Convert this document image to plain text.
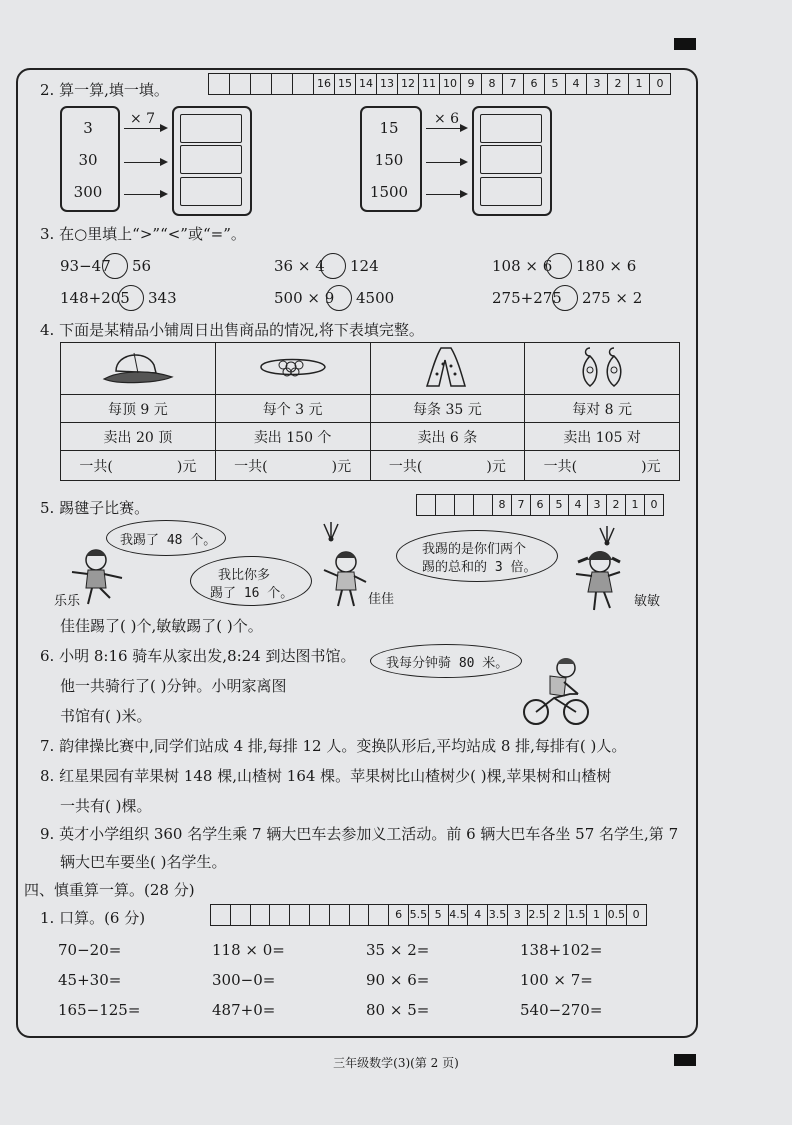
2. 算一算,填一填。	16 15 14 13 12 11 10 9	8	7	6	5	4	3	2	1	0
3
30
300
× 7	15
150
1500
× 6
3. 在○里填上“>”“<”或“=”。
93−47 56	36 × 4 124	108 × 6 180 × 6
148+205 343	500 × 9 4500	275+275 275 × 2
4. 下面是某精品小铺周日出售商品的情况,将下表填完整。

每顶 9 元	每个 3 元	每条 35 元	每对 8 元
卖出 20 顶	卖出 150 个	卖出 6 条	卖出 105 对
一共( )元	一共( )元	一共( )元	一共( )元
5. 踢毽子比赛。	8	7	6	5	4	3	2	1	0
我踢了 48 个。
我比你多
踢了 16 个。
我踢的是你们两个
踢的总和的 3 倍。
乐乐	佳佳	敏敏
佳佳踢了( )个,敏敏踢了( )个。
6. 小明 8:16 骑车从家出发,8:24 到达图书馆。
他一共骑行了( )分钟。小明家离图
书馆有( )米。
我每分钟骑 80 米。
7. 韵律操比赛中,同学们站成 4 排,每排 12 人。变换队形后,平均站成 8 排,每排有( )人。
8. 红星果园有苹果树 148 棵,山楂树 164 棵。苹果树比山楂树少( )棵,苹果树和山楂树
一共有( )棵。
9. 英才小学组织 360 名学生乘 7 辆大巴车去参加义工活动。前 6 辆大巴车各坐 57 名学生,第 7
辆大巴车要坐( )名学生。
四、慎重算一算。(28 分)
1. 口算。(6 分)	6 5.5 5 4.5 4 3.5 3 2.5 2 1.5 1 0.5 0
70−20=	118 × 0=	35 × 2=	138+102=
45+30=	300−0=	90 × 6=	100 × 7=
165−125=	487+0=	80 × 5=	540−270=
三年级数学(3)(第 2 页)
